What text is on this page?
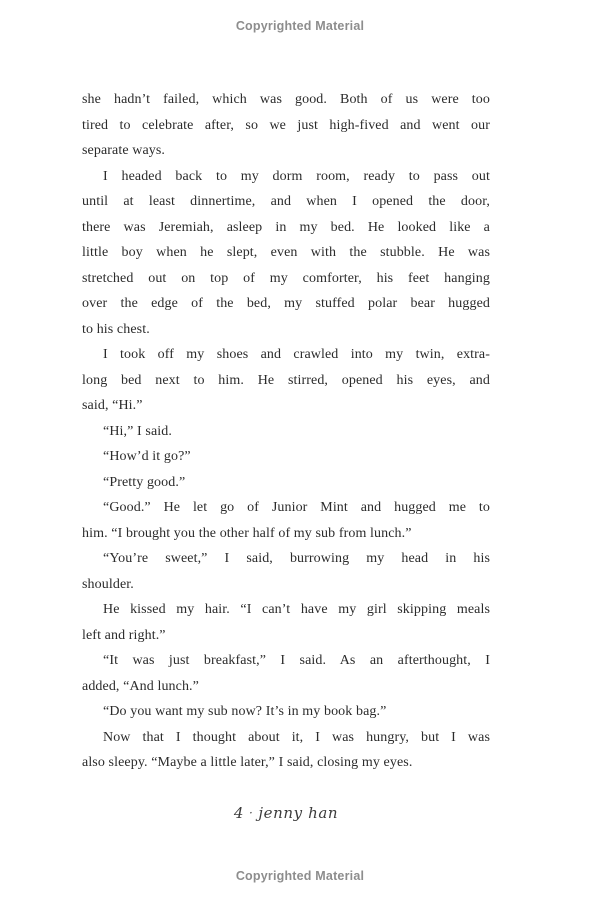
Copyrighted Material
she hadn’t failed, which was good. Both of us were too
tired to celebrate after, so we just high-fived and went our
separate ways.
I headed back to my dorm room, ready to pass out
until at least dinnertime, and when I opened the door,
there was Jeremiah, asleep in my bed. He looked like a
little boy when he slept, even with the stubble. He was
stretched out on top of my comforter, his feet hanging
over the edge of the bed, my stuffed polar bear hugged
to his chest.
I took off my shoes and crawled into my twin, extra-
long bed next to him. He stirred, opened his eyes, and
said, “Hi.”
“Hi,” I said.
“How’d it go?”
“Pretty good.”
“Good.” He let go of Junior Mint and hugged me to
him. “I brought you the other half of my sub from lunch.”
“You’re sweet,” I said, burrowing my head in his
shoulder.
He kissed my hair. “I can’t have my girl skipping meals
left and right.”
“It was just breakfast,” I said. As an afterthought, I
added, “And lunch.”
“Do you want my sub now? It’s in my book bag.”
Now that I thought about it, I was hungry, but I was
also sleepy. “Maybe a little later,” I said, closing my eyes.
4 · jenny han
Copyrighted Material
